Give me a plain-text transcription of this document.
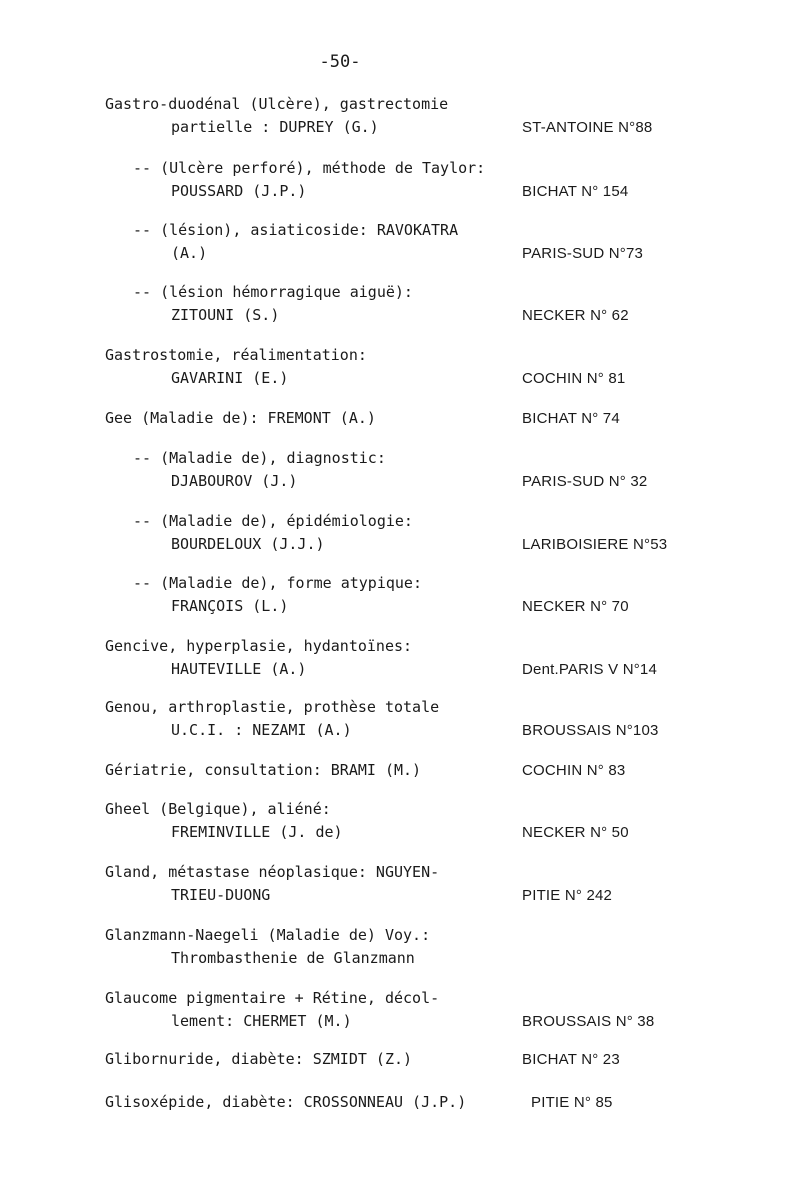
-50-
Gastro-duodénal (Ulcère), gastrectomie
partielle : DUPREY (G.)	ST-ANTOINE N°88
-- (Ulcère perforé), méthode de Taylor:
POUSSARD (J.P.)	BICHAT N° 154
-- (lésion), asiaticoside: RAVOKATRA
(A.)	PARIS-SUD N°73
-- (lésion hémorragique aiguë):
ZITOUNI (S.)	NECKER N° 62
Gastrostomie, réalimentation:
GAVARINI (E.)	COCHIN N° 81
Gee (Maladie de): FREMONT (A.)	BICHAT N° 74
-- (Maladie de), diagnostic:
DJABOUROV (J.)	PARIS-SUD N° 32
-- (Maladie de), épidémiologie:
BOURDELOUX (J.J.)	LARIBOISIERE N°53
-- (Maladie de), forme atypique:
FRANÇOIS (L.)	NECKER N° 70
Gencive, hyperplasie, hydantoïnes:
HAUTEVILLE (A.)	Dent.PARIS V N°14
Genou, arthroplastie, prothèse totale
U.C.I. : NEZAMI (A.)	BROUSSAIS N°103
Gériatrie, consultation: BRAMI (M.)	COCHIN N° 83
Gheel (Belgique), aliéné:
FREMINVILLE (J. de)	NECKER N° 50
Gland, métastase néoplasique: NGUYEN-
TRIEU-DUONG	PITIE N° 242
Glanzmann-Naegeli (Maladie de) Voy.:
Thrombasthenie de Glanzmann
Glaucome pigmentaire + Rétine, décol-
lement: CHERMET (M.)	BROUSSAIS N° 38
Glibornuride, diabète: SZMIDT (Z.)	BICHAT N° 23
Glisoxépide, diabète: CROSSONNEAU (J.P.)	PITIE N° 85
